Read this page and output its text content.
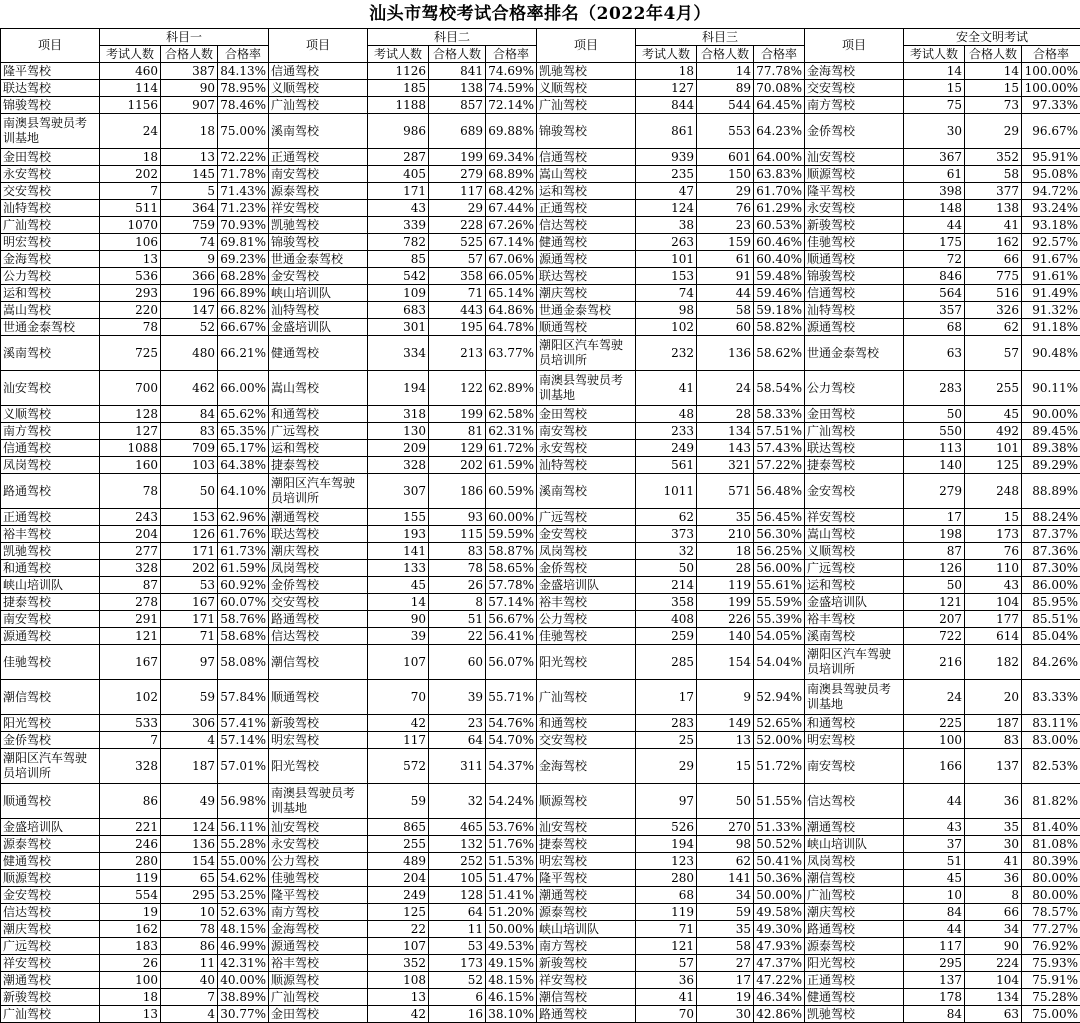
汕头市驾校考试合格率排名（2022年4月）
项目	科目一			项目	科目二			项目	科目三			项目	安全文明考试		
	考试人数	合格人数	合格率		考试人数	合格人数	合格率		考试人数	合格人数	合格率		考试人数	合格人数	合格率
隆平驾校	460	387	84.13%	信通驾校	1126	841	74.69%	凯驰驾校	18	14	77.78%	金海驾校	14	14	100.00%
联达驾校	114	90	78.95%	义顺驾校	185	138	74.59%	义顺驾校	127	89	70.08%	交安驾校	15	15	100.00%
锦骏驾校	1156	907	78.46%	广汕驾校	1188	857	72.14%	广汕驾校	844	544	64.45%	南方驾校	75	73	97.33%
南澳县驾驶员考训基地	24	18	75.00%	溪南驾校	986	689	69.88%	锦骏驾校	861	553	64.23%	金侨驾校	30	29	96.67%
金田驾校	18	13	72.22%	正通驾校	287	199	69.34%	信通驾校	939	601	64.00%	汕安驾校	367	352	95.91%
永安驾校	202	145	71.78%	南安驾校	405	279	68.89%	嵩山驾校	235	150	63.83%	顺源驾校	61	58	95.08%
交安驾校	7	5	71.43%	源泰驾校	171	117	68.42%	运和驾校	47	29	61.70%	隆平驾校	398	377	94.72%
汕特驾校	511	364	71.23%	祥安驾校	43	29	67.44%	正通驾校	124	76	61.29%	永安驾校	148	138	93.24%
广汕驾校	1070	759	70.93%	凯驰驾校	339	228	67.26%	信达驾校	38	23	60.53%	新骏驾校	44	41	93.18%
明宏驾校	106	74	69.81%	锦骏驾校	782	525	67.14%	健通驾校	263	159	60.46%	佳驰驾校	175	162	92.57%
金海驾校	13	9	69.23%	世通金泰驾校	85	57	67.06%	源通驾校	101	61	60.40%	顺通驾校	72	66	91.67%
公力驾校	536	366	68.28%	金安驾校	542	358	66.05%	联达驾校	153	91	59.48%	锦骏驾校	846	775	91.61%
运和驾校	293	196	66.89%	峡山培训队	109	71	65.14%	潮庆驾校	74	44	59.46%	信通驾校	564	516	91.49%
嵩山驾校	220	147	66.82%	汕特驾校	683	443	64.86%	世通金泰驾校	98	58	59.18%	汕特驾校	357	326	91.32%
世通金泰驾校	78	52	66.67%	金盛培训队	301	195	64.78%	顺通驾校	102	60	58.82%	源通驾校	68	62	91.18%
溪南驾校	725	480	66.21%	健通驾校	334	213	63.77%	潮阳区汽车驾驶员培训所	232	136	58.62%	世通金泰驾校	63	57	90.48%
汕安驾校	700	462	66.00%	嵩山驾校	194	122	62.89%	南澳县驾驶员考训基地	41	24	58.54%	公力驾校	283	255	90.11%
义顺驾校	128	84	65.62%	和通驾校	318	199	62.58%	金田驾校	48	28	58.33%	金田驾校	50	45	90.00%
南方驾校	127	83	65.35%	广远驾校	130	81	62.31%	南安驾校	233	134	57.51%	广汕驾校	550	492	89.45%
信通驾校	1088	709	65.17%	运和驾校	209	129	61.72%	永安驾校	249	143	57.43%	联达驾校	113	101	89.38%
凤岗驾校	160	103	64.38%	捷泰驾校	328	202	61.59%	汕特驾校	561	321	57.22%	捷泰驾校	140	125	89.29%
路通驾校	78	50	64.10%	潮阳区汽车驾驶员培训所	307	186	60.59%	溪南驾校	1011	571	56.48%	金安驾校	279	248	88.89%
正通驾校	243	153	62.96%	潮通驾校	155	93	60.00%	广远驾校	62	35	56.45%	祥安驾校	17	15	88.24%
裕丰驾校	204	126	61.76%	联达驾校	193	115	59.59%	金安驾校	373	210	56.30%	嵩山驾校	198	173	87.37%
凯驰驾校	277	171	61.73%	潮庆驾校	141	83	58.87%	凤岗驾校	32	18	56.25%	义顺驾校	87	76	87.36%
和通驾校	328	202	61.59%	凤岗驾校	133	78	58.65%	金侨驾校	50	28	56.00%	广远驾校	126	110	87.30%
峡山培训队	87	53	60.92%	金侨驾校	45	26	57.78%	金盛培训队	214	119	55.61%	运和驾校	50	43	86.00%
捷泰驾校	278	167	60.07%	交安驾校	14	8	57.14%	裕丰驾校	358	199	55.59%	金盛培训队	121	104	85.95%
南安驾校	291	171	58.76%	路通驾校	90	51	56.67%	公力驾校	408	226	55.39%	裕丰驾校	207	177	85.51%
源通驾校	121	71	58.68%	信达驾校	39	22	56.41%	佳驰驾校	259	140	54.05%	溪南驾校	722	614	85.04%
佳驰驾校	167	97	58.08%	潮信驾校	107	60	56.07%	阳光驾校	285	154	54.04%	潮阳区汽车驾驶员培训所	216	182	84.26%
潮信驾校	102	59	57.84%	顺通驾校	70	39	55.71%	广汕驾校	17	9	52.94%	南澳县驾驶员考训基地	24	20	83.33%
阳光驾校	533	306	57.41%	新骏驾校	42	23	54.76%	和通驾校	283	149	52.65%	和通驾校	225	187	83.11%
金侨驾校	7	4	57.14%	明宏驾校	117	64	54.70%	交安驾校	25	13	52.00%	明宏驾校	100	83	83.00%
潮阳区汽车驾驶员培训所	328	187	57.01%	阳光驾校	572	311	54.37%	金海驾校	29	15	51.72%	南安驾校	166	137	82.53%
顺通驾校	86	49	56.98%	南澳县驾驶员考训基地	59	32	54.24%	顺源驾校	97	50	51.55%	信达驾校	44	36	81.82%
金盛培训队	221	124	56.11%	汕安驾校	865	465	53.76%	汕安驾校	526	270	51.33%	潮通驾校	43	35	81.40%
源泰驾校	246	136	55.28%	永安驾校	255	132	51.76%	捷泰驾校	194	98	50.52%	峡山培训队	37	30	81.08%
健通驾校	280	154	55.00%	公力驾校	489	252	51.53%	明宏驾校	123	62	50.41%	凤岗驾校	51	41	80.39%
顺源驾校	119	65	54.62%	佳驰驾校	204	105	51.47%	隆平驾校	280	141	50.36%	潮信驾校	45	36	80.00%
金安驾校	554	295	53.25%	隆平驾校	249	128	51.41%	潮通驾校	68	34	50.00%	广汕驾校	10	8	80.00%
信达驾校	19	10	52.63%	南方驾校	125	64	51.20%	源泰驾校	119	59	49.58%	潮庆驾校	84	66	78.57%
潮庆驾校	162	78	48.15%	金海驾校	22	11	50.00%	峡山培训队	71	35	49.30%	路通驾校	44	34	77.27%
广远驾校	183	86	46.99%	源通驾校	107	53	49.53%	南方驾校	121	58	47.93%	源泰驾校	117	90	76.92%
祥安驾校	26	11	42.31%	裕丰驾校	352	173	49.15%	新骏驾校	57	27	47.37%	阳光驾校	295	224	75.93%
潮通驾校	100	40	40.00%	顺源驾校	108	52	48.15%	祥安驾校	36	17	47.22%	正通驾校	137	104	75.91%
新骏驾校	18	7	38.89%	广汕驾校	13	6	46.15%	潮信驾校	41	19	46.34%	健通驾校	178	134	75.28%
广汕驾校	13	4	30.77%	金田驾校	42	16	38.10%	路通驾校	70	30	42.86%	凯驰驾校	84	63	75.00%
